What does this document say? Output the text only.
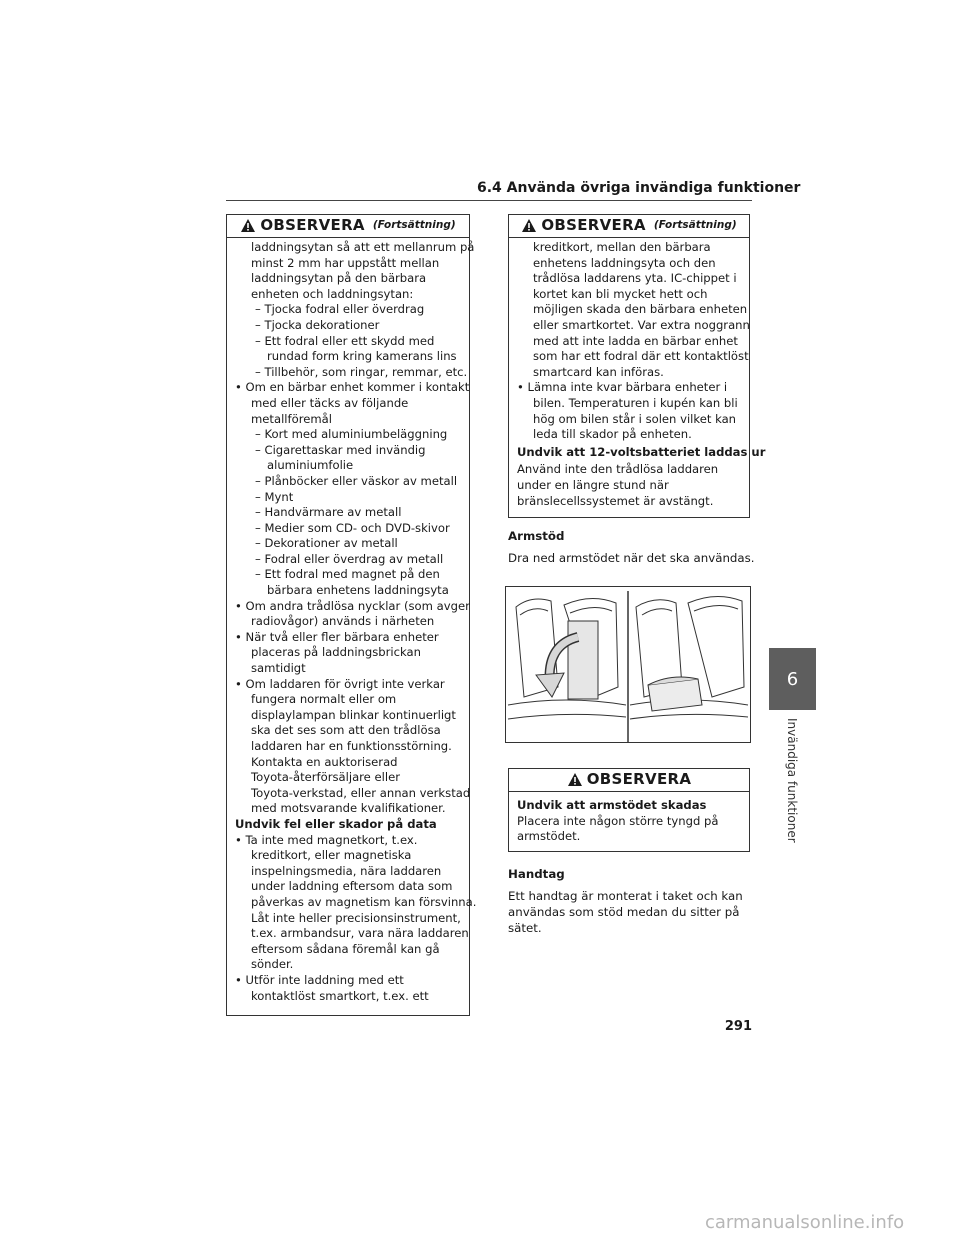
6.4 Använda övriga invändiga funktioner
6
Invändiga funktioner
OBSERVERA (Fortsättning)
laddningsytan så att ett mellanrum på
minst 2 mm har uppstått mellan
laddningsytan på den bärbara
enheten och laddningsytan:
– Tjocka fodral eller överdrag
– Tjocka dekorationer
– Ett fodral eller ett skydd med
rundad form kring kamerans lins
– Tillbehör, som ringar, remmar, etc.
• Om en bärbar enhet kommer i kontakt
med eller täcks av följande
metallföremål
– Kort med aluminiumbeläggning
– Cigarettaskar med invändig
aluminiumfolie
– Plånböcker eller väskor av metall
– Mynt
– Handvärmare av metall
– Medier som CD- och DVD-skivor
– Dekorationer av metall
– Fodral eller överdrag av metall
– Ett fodral med magnet på den
bärbara enhetens laddningsyta
• Om andra trådlösa nycklar (som avger
radiovågor) används i närheten
• När två eller fler bärbara enheter
placeras på laddningsbrickan
samtidigt
• Om laddaren för övrigt inte verkar
fungera normalt eller om
displaylampan blinkar kontinuerligt
ska det ses som att den trådlösa
laddaren har en funktionsstörning.
Kontakta en auktoriserad
Toyota-återförsäljare eller
Toyota-verkstad, eller annan verkstad
med motsvarande kvalifikationer.
Undvik fel eller skador på data
• Ta inte med magnetkort, t.ex.
kreditkort, eller magnetiska
inspelningsmedia, nära laddaren
under laddning eftersom data som
påverkas av magnetism kan försvinna.
Låt inte heller precisionsinstrument,
t.ex. armbandsur, vara nära laddaren
eftersom sådana föremål kan gå
sönder.
• Utför inte laddning med ett
kontaktlöst smartkort, t.ex. ett
OBSERVERA (Fortsättning)
kreditkort, mellan den bärbara
enhetens laddningsyta och den
trådlösa laddarens yta. IC-chippet i
kortet kan bli mycket hett och
möjligen skada den bärbara enheten
eller smartkortet. Var extra noggrann
med att inte ladda en bärbar enhet
som har ett fodral där ett kontaktlöst
smartcard kan införas.
• Lämna inte kvar bärbara enheter i
bilen. Temperaturen i kupén kan bli
hög om bilen står i solen vilket kan
leda till skador på enheten.
Undvik att 12-voltsbatteriet laddas ur
Använd inte den trådlösa laddaren
under en längre stund när
bränslecellssystemet är avstängt.
Armstöd
Dra ned armstödet när det ska användas.
OBSERVERA
Undvik att armstödet skadas
Placera inte någon större tyngd på
armstödet.
Handtag
Ett handtag är monterat i taket och kan
användas som stöd medan du sitter på
sätet.
291
carmanualsonline.info
